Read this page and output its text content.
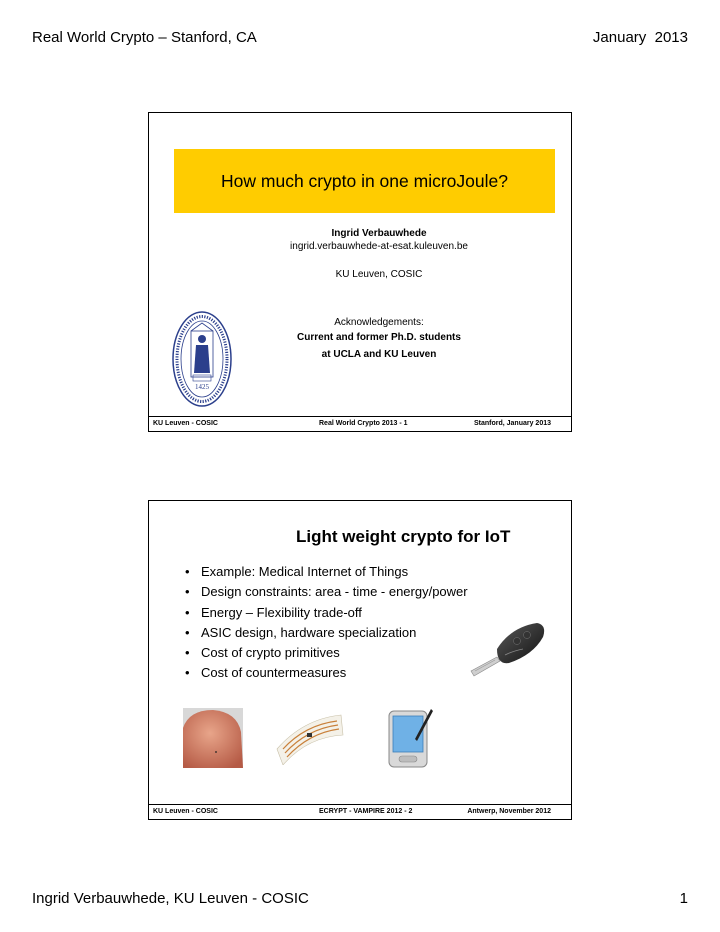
Real World Crypto – Stanford, CA	January  2013
How much crypto in one microJoule?
Ingrid Verbauwhede
ingrid.verbauwhede-at-esat.kuleuven.be
KU Leuven, COSIC
Acknowledgements:
Current and former Ph.D. students
at UCLA and KU Leuven
1425
KU Leuven - COSIC	Real World Crypto 2013 - 1	Stanford, January 2013
Light weight crypto for IoT
• Example: Medical Internet of Things
• Design constraints: area - time - energy/power
• Energy – Flexibility trade-off
• ASIC design, hardware specialization
• Cost of crypto primitives
• Cost of countermeasures
KU Leuven - COSIC	ECRYPT - VAMPIRE 2012 - 2	Antwerp, November 2012
Ingrid Verbauwhede, KU Leuven - COSIC	1
